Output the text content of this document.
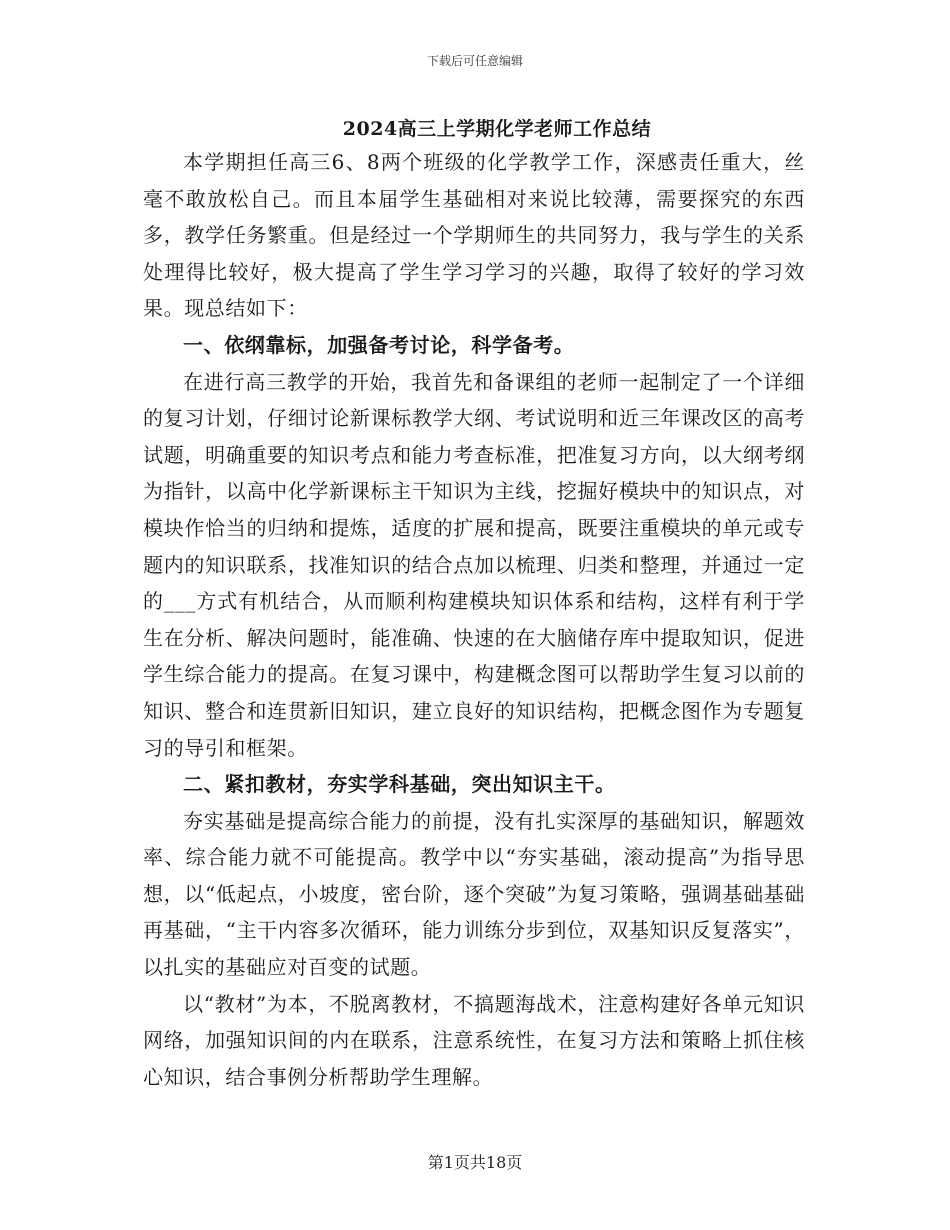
下载后可任意编辑
2024高三上学期化学老师工作总结

本学期担任高三6、8两个班级的化学教学工作，深感责任重大，丝毫不敢放松自己。而且本届学生基础相对来说比较薄，需要探究的东西多，教学任务繁重。但是经过一个学期师生的共同努力，我与学生的关系处理得比较好，极大提高了学生学习学习的兴趣，取得了较好的学习效果。现总结如下：

一、依纲靠标，加强备考讨论，科学备考。

在进行高三教学的开始，我首先和备课组的老师一起制定了一个详细的复习计划，仔细讨论新课标教学大纲、考试说明和近三年课改区的高考试题，明确重要的知识考点和能力考查标准，把准复习方向，以大纲考纲为指针，以高中化学新课标主干知识为主线，挖掘好模块中的知识点，对模块作恰当的归纳和提炼，适度的扩展和提高，既要注重模块的单元或专题内的知识联系，找准知识的结合点加以梳理、归类和整理，并通过一定的___方式有机结合，从而顺利构建模块知识体系和结构，这样有利于学生在分析、解决问题时，能准确、快速的在大脑储存库中提取知识，促进学生综合能力的提高。在复习课中，构建概念图可以帮助学生复习以前的知识、整合和连贯新旧知识，建立良好的知识结构，把概念图作为专题复习的导引和框架。

二、紧扣教材，夯实学科基础，突出知识主干。

夯实基础是提高综合能力的前提，没有扎实深厚的基础知识，解题效率、综合能力就不可能提高。教学中以“夯实基础，滚动提高”为指导思想，以“低起点，小坡度，密台阶，逐个突破”为复习策略，强调基础基础再基础，“主干内容多次循环，能力训练分步到位，双基知识反复落实”，以扎实的基础应对百变的试题。

以“教材”为本，不脱离教材，不搞题海战术，注意构建好各单元知识网络，加强知识间的内在联系，注意系统性，在复习方法和策略上抓住核心知识，结合事例分析帮助学生理解。

第1页共18页
